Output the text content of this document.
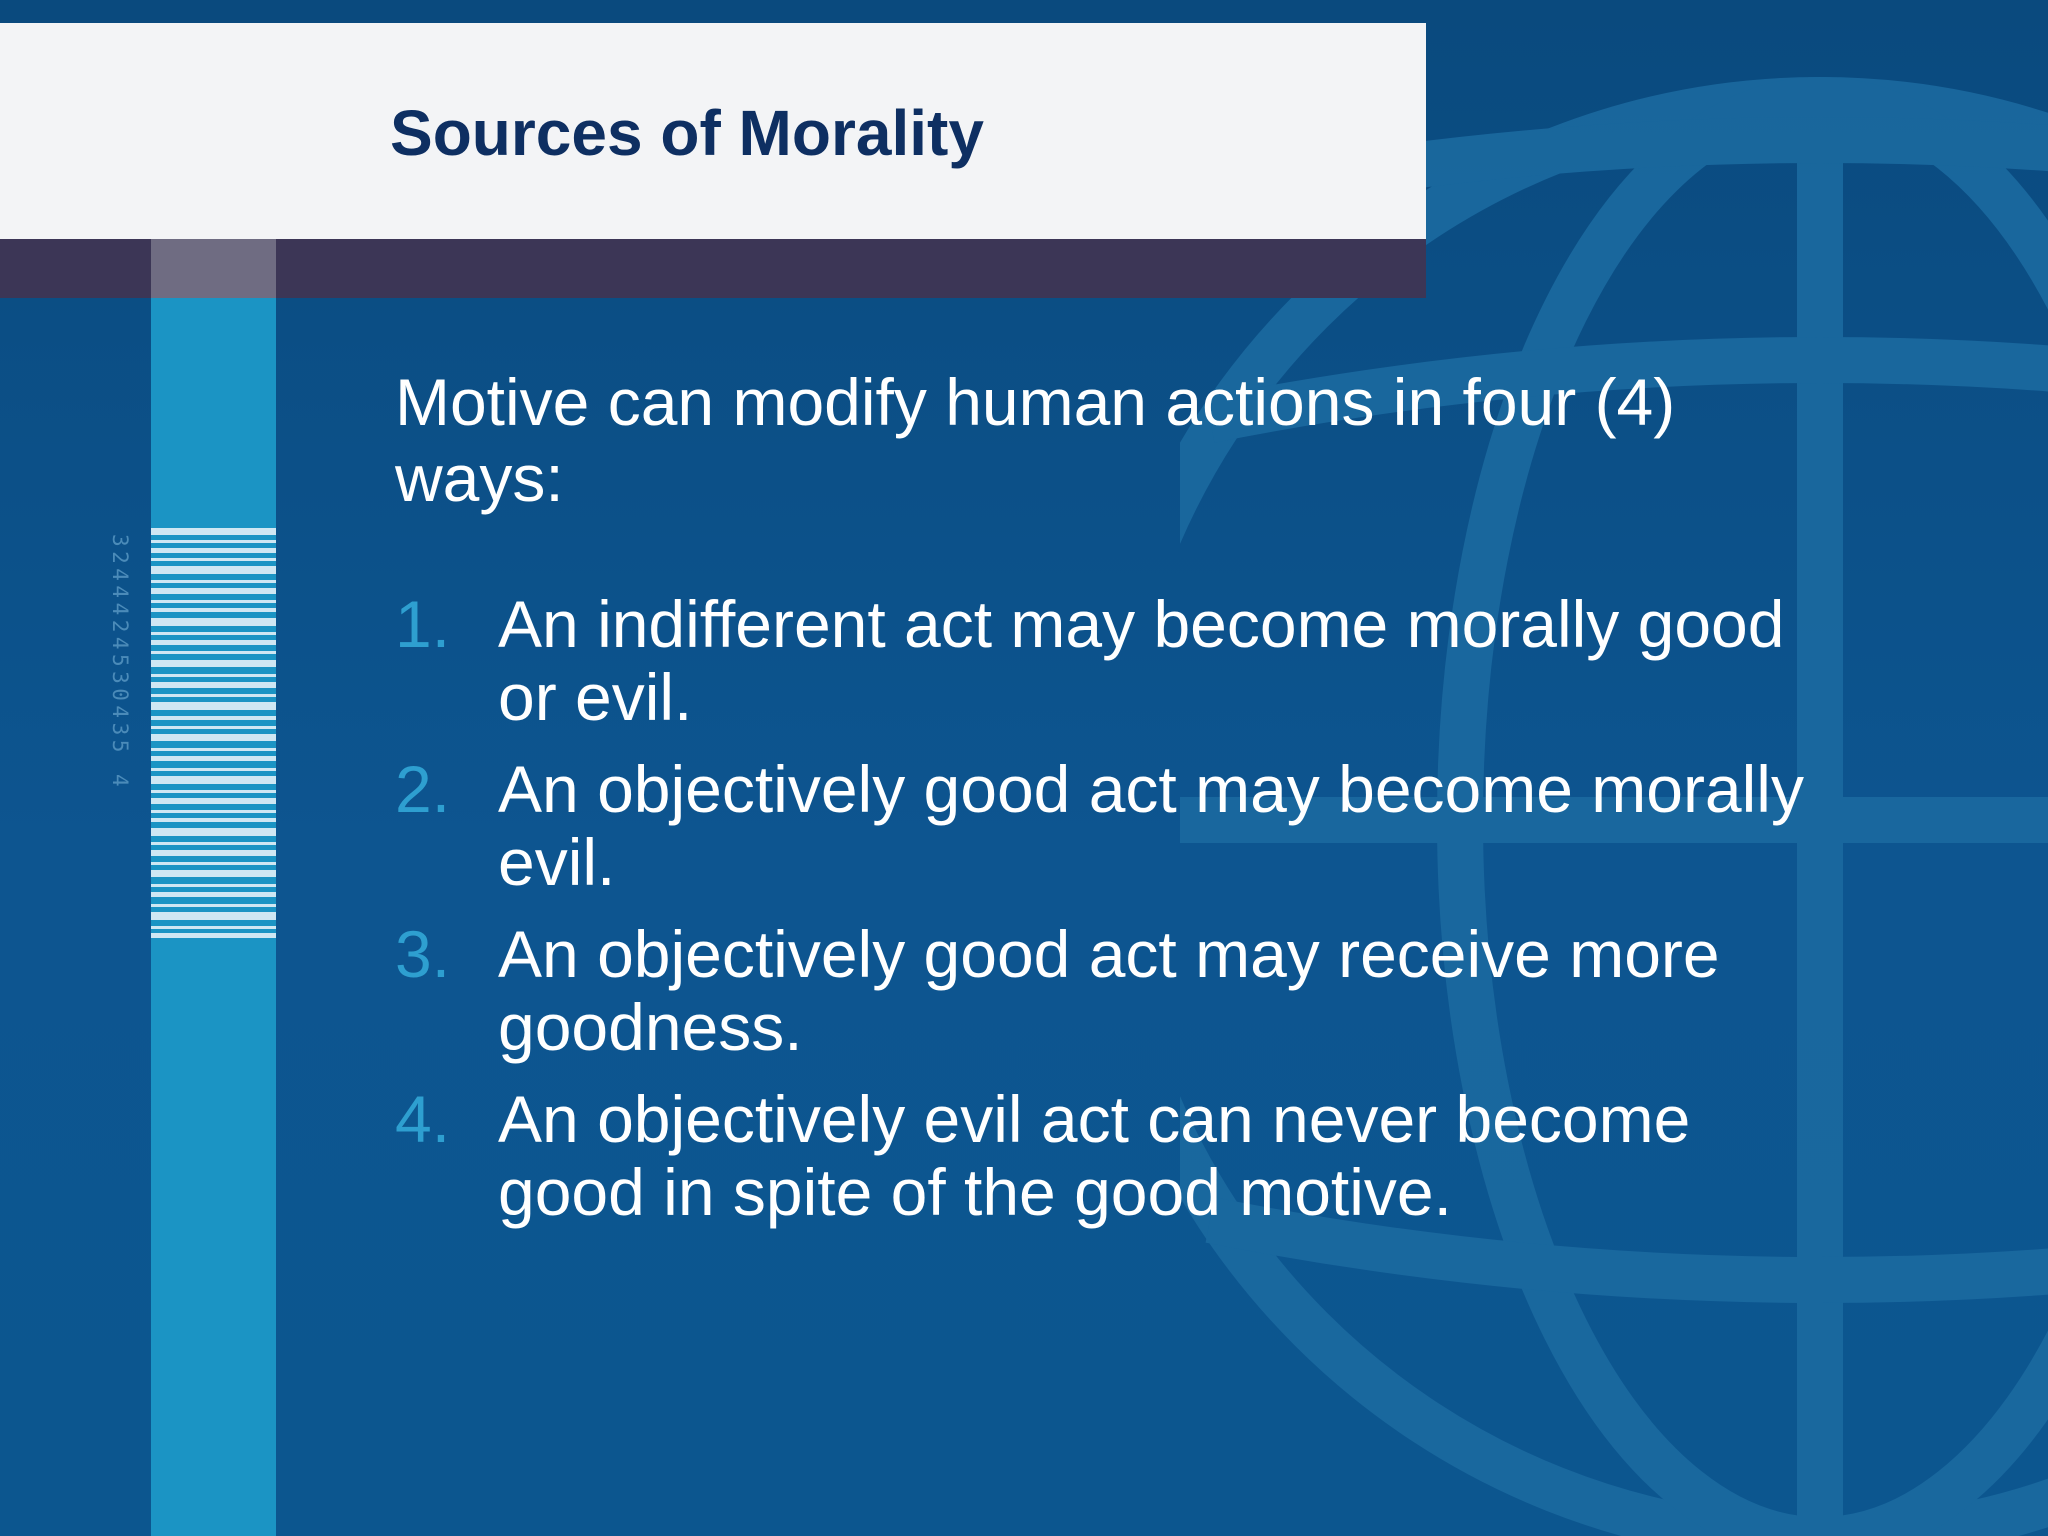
3244424530435 4
Sources of Morality

Motive can modify human actions in four (4) ways:

1. An indifferent act may become morally good or evil.
2. An objectively good act may become morally evil.
3. An objectively good act may receive more goodness.
4. An objectively evil act can never become good in spite of the good motive.
